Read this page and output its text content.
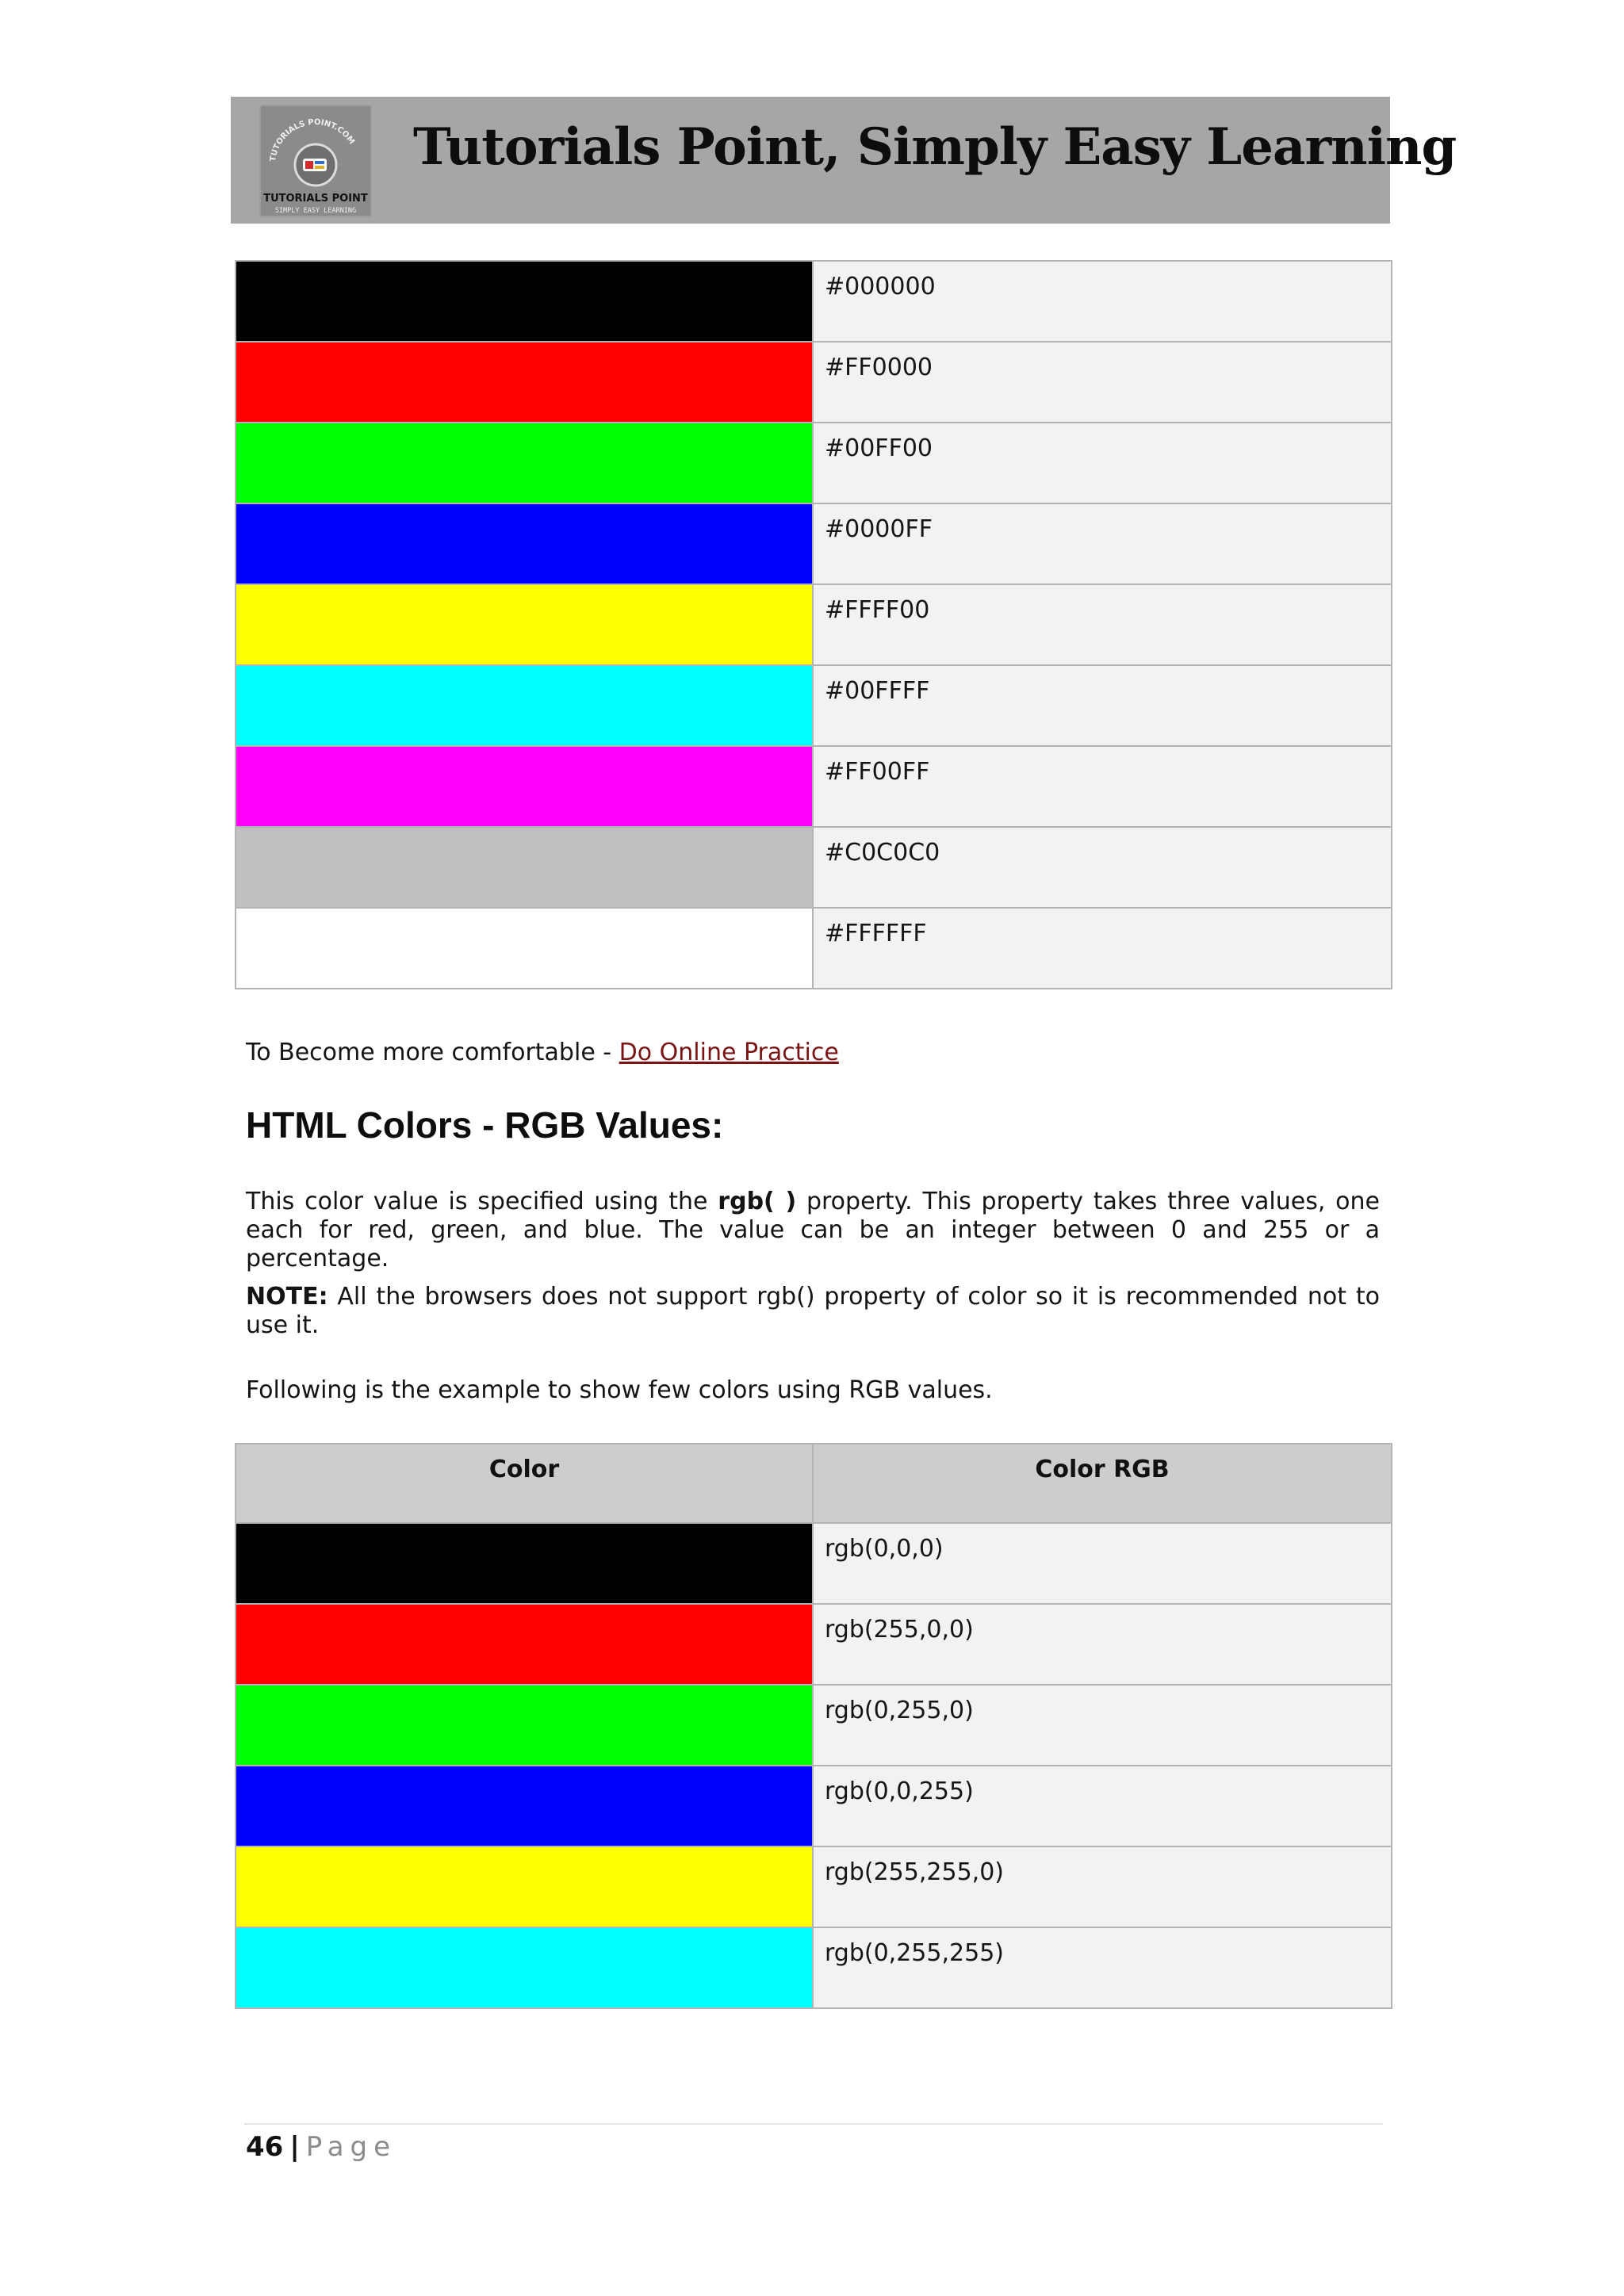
TUTORIALS POINT.COM
TUTORIALS POINT
SIMPLY EASY LEARNING
Tutorials Point, Simply Easy Learning
	#000000
	#FF0000
	#00FF00
	#0000FF
	#FFFF00
	#00FFFF
	#FF00FF
	#C0C0C0
	#FFFFFF
To Become more comfortable - Do Online Practice
HTML Colors - RGB Values:
This color value is specified using the rgb( ) property. This property takes three values, one each for red, green, and blue. The value can be an integer between 0 and 255 or a percentage.
NOTE: All the browsers does not support rgb() property of color so it is recommended not to use it.
Following is the example to show few colors using RGB values.
Color	Color RGB
	rgb(0,0,0)
	rgb(255,0,0)
	rgb(0,255,0)
	rgb(0,0,255)
	rgb(255,255,0)
	rgb(0,255,255)
46 | Page
